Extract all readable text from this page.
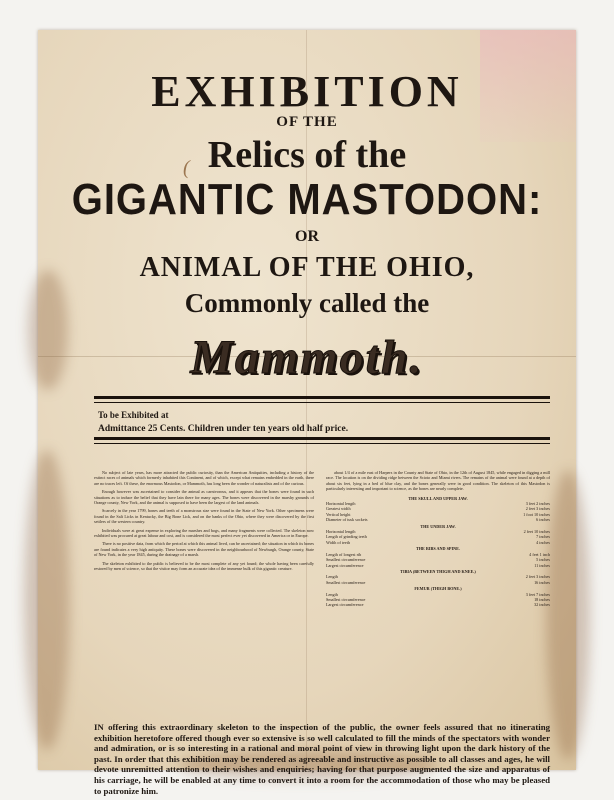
(
EXHIBITION
OF THE
Relics of the
GIGANTIC MASTODON:
OR
ANIMAL OF THE OHIO,
Commonly called the
Mammoth.
To be Exhibited at
Admittance 25 Cents. Children under ten years old half price.

No subject of late years, has more attracted the public curiosity, than the American Antiquities, including a history of the extinct races of animals which formerly inhabited this Continent, and of which, except what remains embedded in the earth, there are no traces left. Of these, the enormous Mastodon, or Mammoth, has long been the wonder of naturalists and of the curious.

Enough however was ascertained to consider the animal as carnivorous, and it appears that the bones were found in such situations as to induce the belief that they have lain there for many ages. The bones were discovered in the marshy grounds of Orange county, New York, and the animal is supposed to have been the largest of the land animals.

Scarcely in the year 1799, bones and teeth of a monstrous size were found in the State of New York. Other specimens were found in the Salt Licks in Kentucky, the Big Bone Lick, and on the banks of the Ohio, where they were discovered by the first settlers of the western country.

Individuals were at great expense in exploring the marshes and bogs, and many fragments were collected. The skeleton now exhibited was procured at great labour and cost, and is considered the most perfect ever yet discovered in America or in Europe.

There is no positive data, from which the period at which this animal lived, can be ascertained; the situation in which its bones are found indicates a very high antiquity. These bones were discovered in the neighbourhood of Newburgh, Orange county, State of New York, in the year 1845, during the drainage of a marsh.

The skeleton exhibited to the public is believed to be the most complete of any yet found; the whole having been carefully restored by men of science, so that the visitor may form an accurate idea of the immense bulk of this gigantic creature.

about 1/4 of a mile east of Harpers in the County and State of Ohio, in the 12th of August 1845, while engaged in digging a mill race. The location is on the dividing ridge between the Scioto and Miami rivers. The remains of the animal were found at a depth of about six feet, lying in a bed of blue clay, and the bones generally were in good condition. The skeleton of this Mastodon is particularly interesting and important to science, as the bones are nearly complete.

THE SKULL AND UPPER JAW.	
Horizontal length	3 feet 2 inches
Greatest width	2 feet 3 inches
Vertical height	1 foot 10 inches
Diameter of tusk sockets	6 inches
THE UNDER JAW.	
Horizontal length	2 feet 10 inches
Length of grinding teeth	7 inches
Width of teeth	4 inches
THE RIBS AND SPINE.	
Length of longest rib	4 feet 1 inch
Smallest circumference	5 inches
Largest circumference	11 inches
TIBIA (BETWEEN THIGH AND KNEE.)	
Length	2 feet 3 inches
Smallest circumference	16 inches
FEMUR (THIGH BONE.)	
Length	3 feet 7 inches
Smallest circumference	18 inches
Largest circumference	32 inches
IN offering this extraordinary skeleton to the inspection of the public, the owner feels assured that no itinerating exhibition heretofore offered though ever so extensive is so well calculated to fill the minds of the spectators with wonder and admiration, or is so interesting in a rational and moral point of view in throwing light upon the dark history of the past. In order that this exhibition may be rendered as agreeable and instructive as possible to all classes and ages, he will devote unremitted attention to their wishes and enquiries; having for that purpose augmented the size and apparatus of his carriage, he will be enabled at any time to convert it into a room for the accommodation of those who may be pleased to patronize him.
